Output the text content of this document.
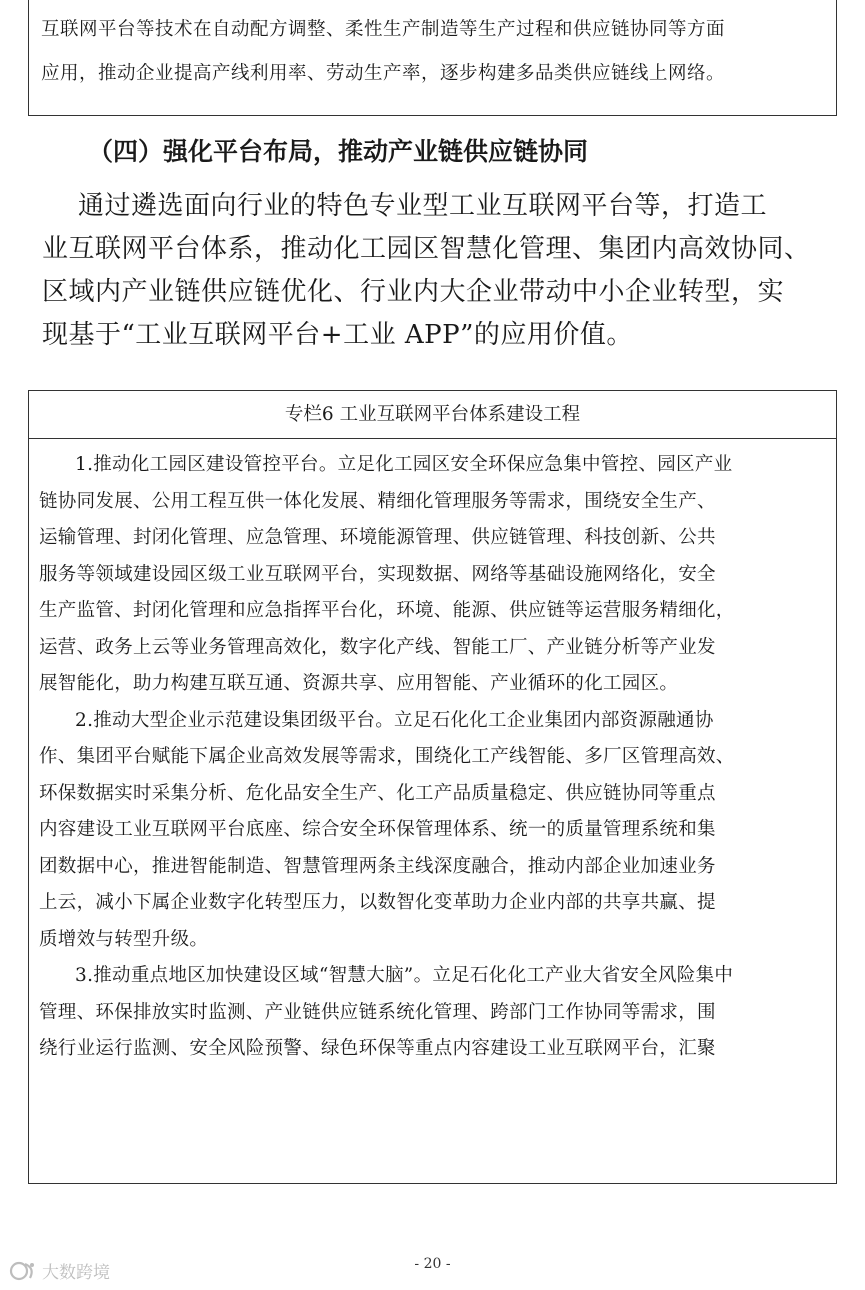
互联网平台等技术在自动配方调整、柔性生产制造等生产过程和供应链协同等方面

应用，推动企业提高产线利用率、劳动生产率，逐步构建多品类供应链线上网络。

（四）强化平台布局，推动产业链供应链协同
通过遴选面向行业的特色专业型工业互联网平台等，打造工
业互联网平台体系，推动化工园区智慧化管理、集团内高效协同、
区域内产业链供应链优化、行业内大企业带动中小企业转型，实
现基于“工业互联网平台+工业 APP”的应用价值。
专栏6 工业互联网平台体系建设工程
1.推动化工园区建设管控平台。立足化工园区安全环保应急集中管控、园区产业
链协同发展、公用工程互供一体化发展、精细化管理服务等需求，围绕安全生产、
运输管理、封闭化管理、应急管理、环境能源管理、供应链管理、科技创新、公共
服务等领域建设园区级工业互联网平台，实现数据、网络等基础设施网络化，安全
生产监管、封闭化管理和应急指挥平台化，环境、能源、供应链等运营服务精细化，
运营、政务上云等业务管理高效化，数字化产线、智能工厂、产业链分析等产业发
展智能化，助力构建互联互通、资源共享、应用智能、产业循环的化工园区。
2.推动大型企业示范建设集团级平台。立足石化化工企业集团内部资源融通协
作、集团平台赋能下属企业高效发展等需求，围绕化工产线智能、多厂区管理高效、
环保数据实时采集分析、危化品安全生产、化工产品质量稳定、供应链协同等重点
内容建设工业互联网平台底座、综合安全环保管理体系、统一的质量管理系统和集
团数据中心，推进智能制造、智慧管理两条主线深度融合，推动内部企业加速业务
上云，减小下属企业数字化转型压力，以数智化变革助力企业内部的共享共赢、提
质增效与转型升级。
3.推动重点地区加快建设区域“智慧大脑”。立足石化化工产业大省安全风险集中
管理、环保排放实时监测、产业链供应链系统化管理、跨部门工作协同等需求，围
绕行业运行监测、安全风险预警、绿色环保等重点内容建设工业互联网平台，汇聚
- 20 -
大数跨境
